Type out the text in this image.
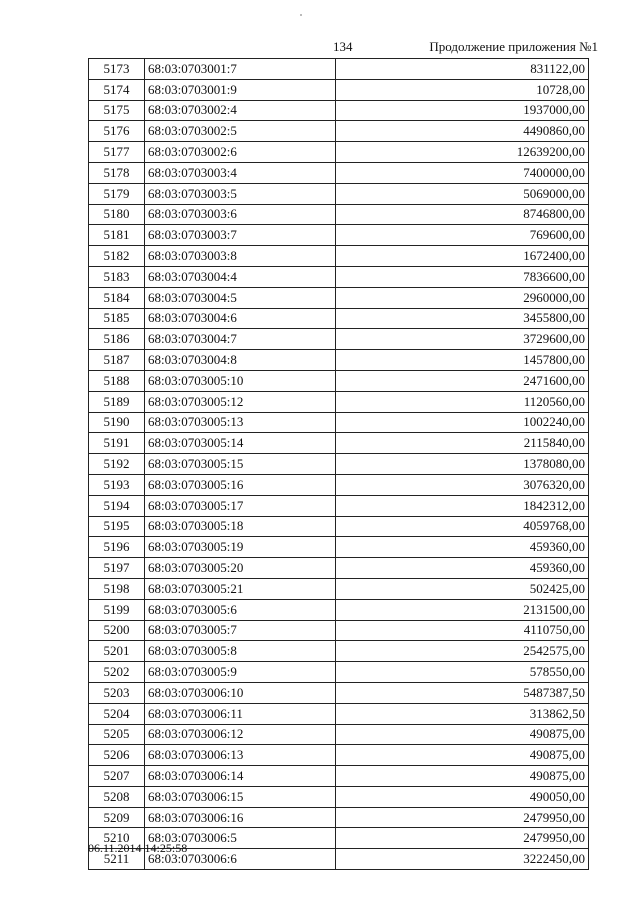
134	Продолжение приложения №1
5173	68:03:0703001:7	831122,00
5174	68:03:0703001:9	10728,00
5175	68:03:0703002:4	1937000,00
5176	68:03:0703002:5	4490860,00
5177	68:03:0703002:6	12639200,00
5178	68:03:0703003:4	7400000,00
5179	68:03:0703003:5	5069000,00
5180	68:03:0703003:6	8746800,00
5181	68:03:0703003:7	769600,00
5182	68:03:0703003:8	1672400,00
5183	68:03:0703004:4	7836600,00
5184	68:03:0703004:5	2960000,00
5185	68:03:0703004:6	3455800,00
5186	68:03:0703004:7	3729600,00
5187	68:03:0703004:8	1457800,00
5188	68:03:0703005:10	2471600,00
5189	68:03:0703005:12	1120560,00
5190	68:03:0703005:13	1002240,00
5191	68:03:0703005:14	2115840,00
5192	68:03:0703005:15	1378080,00
5193	68:03:0703005:16	3076320,00
5194	68:03:0703005:17	1842312,00
5195	68:03:0703005:18	4059768,00
5196	68:03:0703005:19	459360,00
5197	68:03:0703005:20	459360,00
5198	68:03:0703005:21	502425,00
5199	68:03:0703005:6	2131500,00
5200	68:03:0703005:7	4110750,00
5201	68:03:0703005:8	2542575,00
5202	68:03:0703005:9	578550,00
5203	68:03:0703006:10	5487387,50
5204	68:03:0703006:11	313862,50
5205	68:03:0703006:12	490875,00
5206	68:03:0703006:13	490875,00
5207	68:03:0703006:14	490875,00
5208	68:03:0703006:15	490050,00
5209	68:03:0703006:16	2479950,00
5210	68:03:0703006:5	2479950,00
5211	68:03:0703006:6	3222450,00
06.11.2014 14:25:58
